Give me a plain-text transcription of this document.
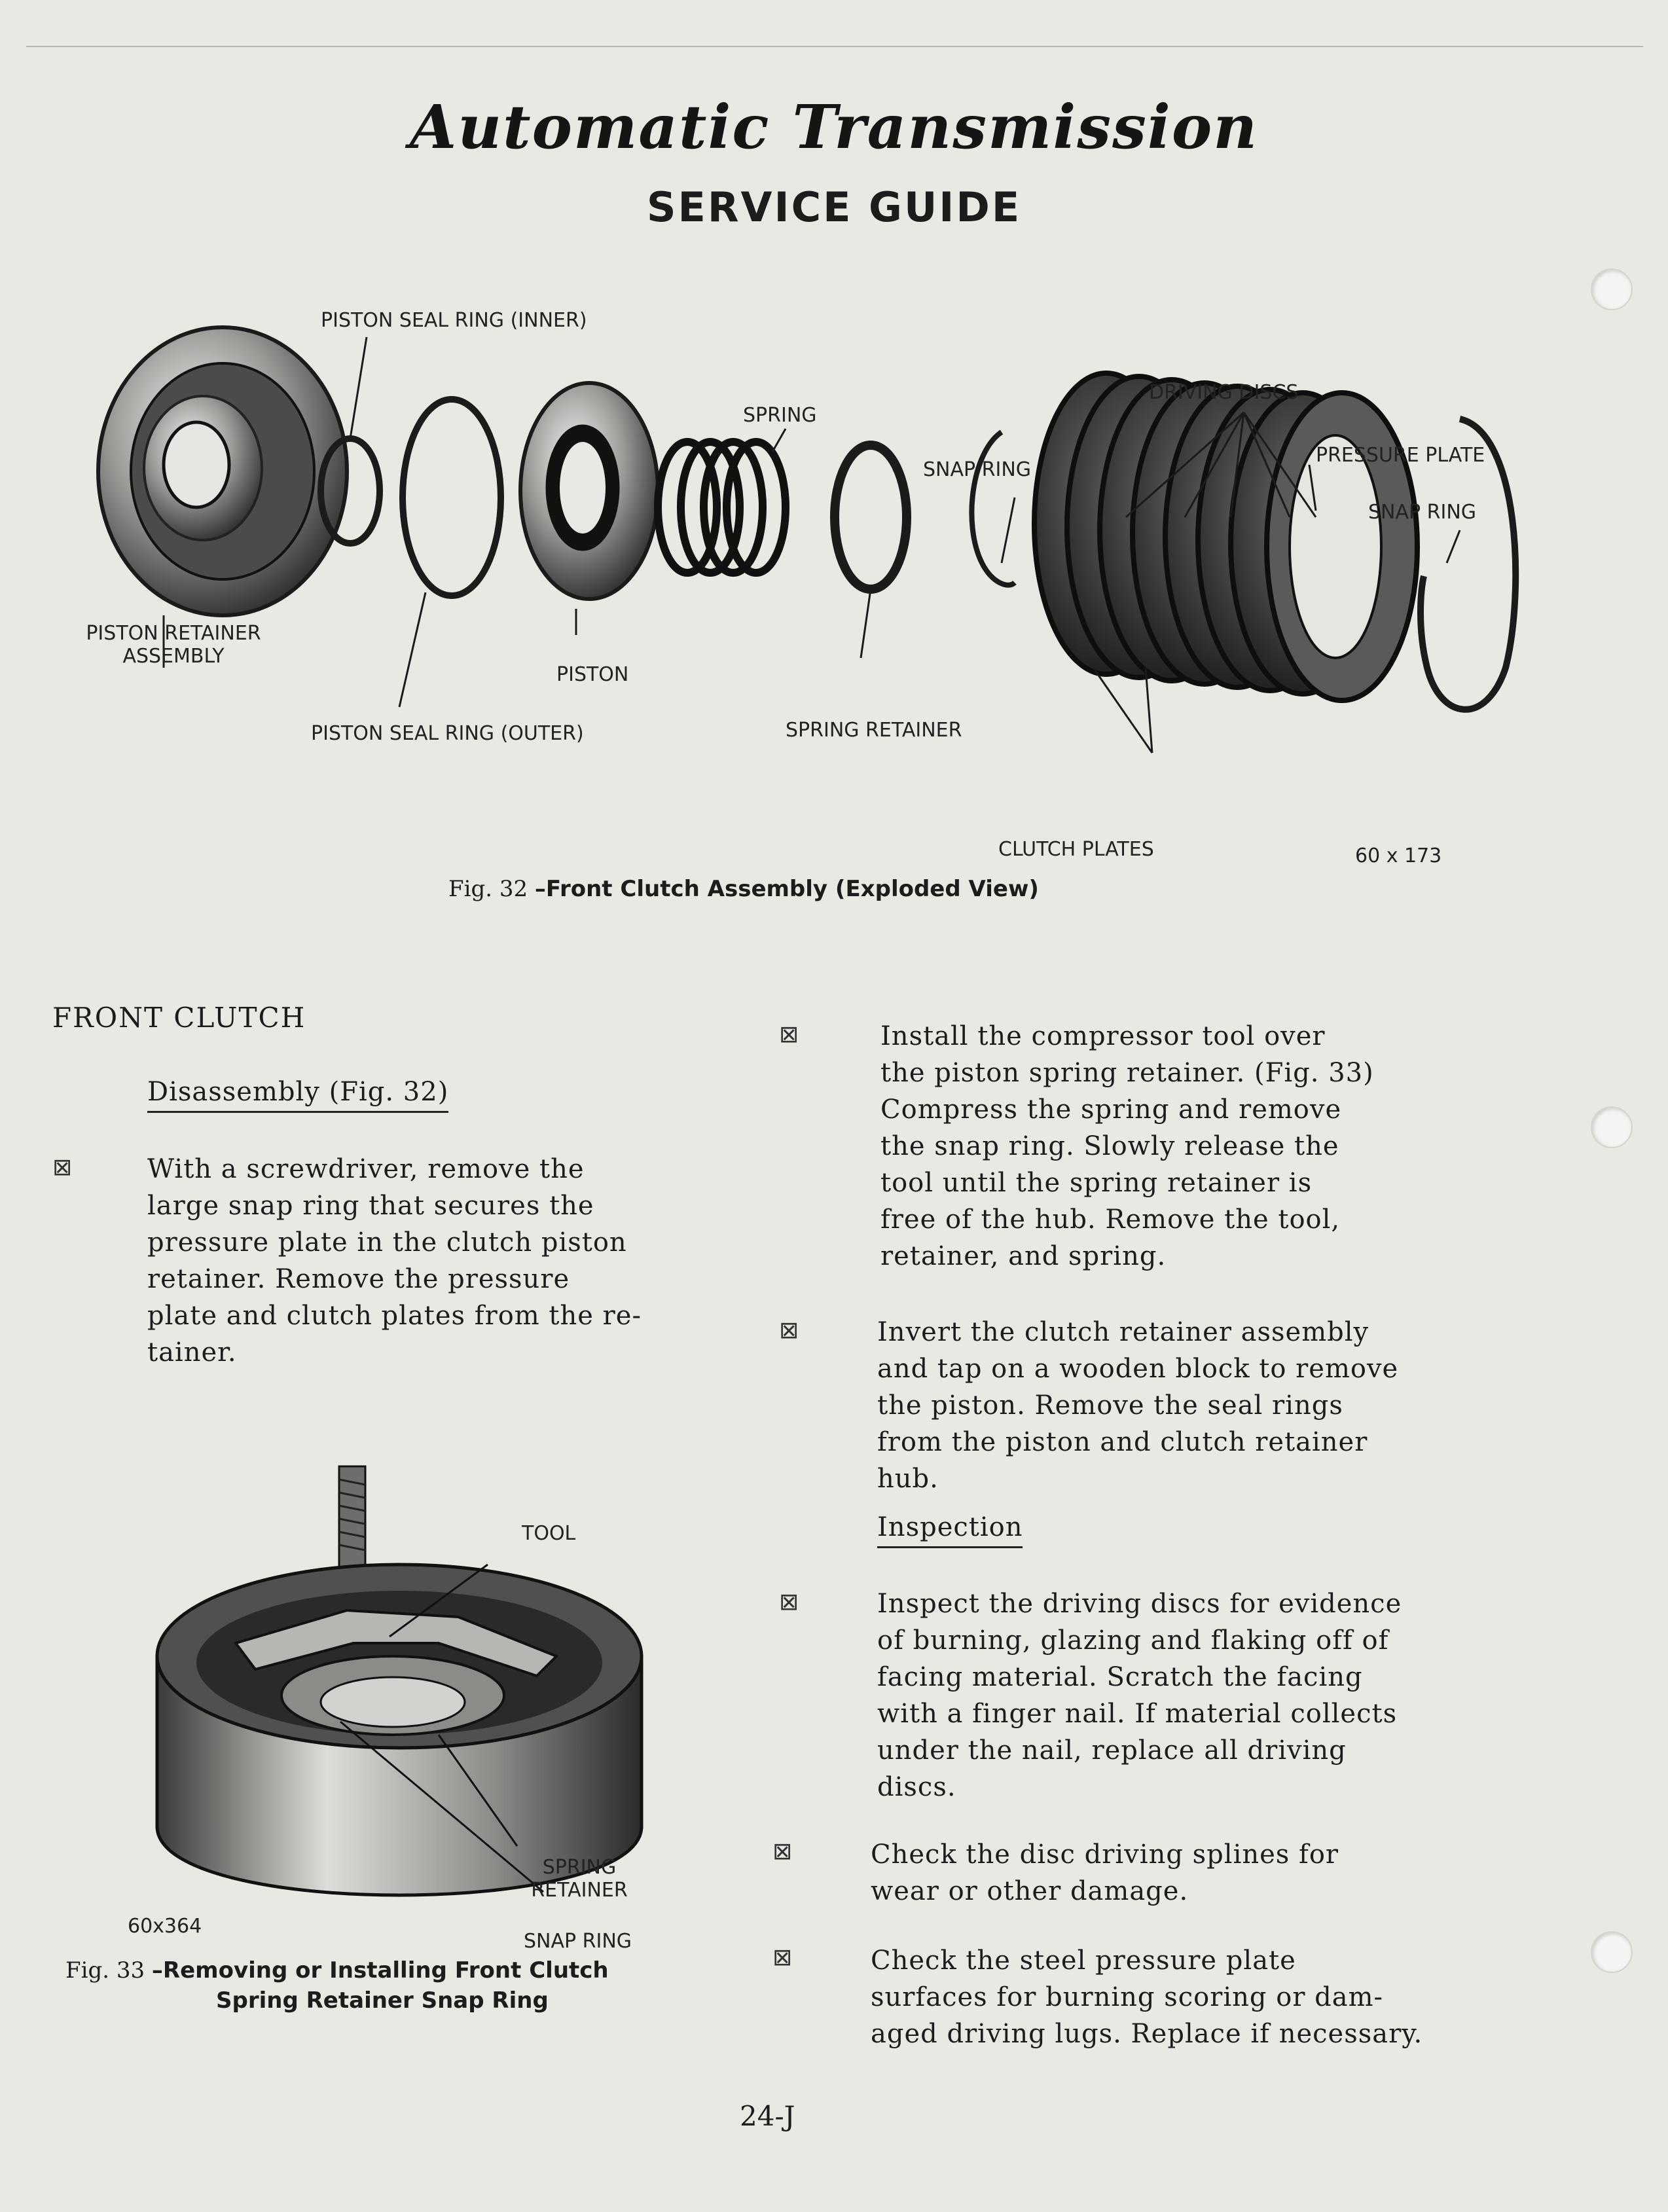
Automatic Transmission
SERVICE GUIDE
PISTON SEAL RING (INNER)
SPRING
DRIVING DISCS
PRESSURE PLATE
SNAP RING
SNAP RING
PISTON RETAINER
ASSEMBLY
PISTON
PISTON SEAL RING (OUTER)	SPRING RETAINER
CLUTCH PLATES	60 x 173
Fig. 32 –Front Clutch Assembly (Exploded View)
FRONT CLUTCH
Disassembly (Fig. 32)
⊠	With a screwdriver, remove the
large snap ring that secures the
pressure plate in the clutch piston
retainer. Remove the pressure
plate and clutch plates from the re-
tainer.
TOOL
SPRING
RETAINER
SNAP RING
60x364
Fig. 33 –Removing or Installing Front Clutch
Spring Retainer Snap Ring
⊠	Install the compressor tool over
the piston spring retainer. (Fig. 33)
Compress the spring and remove
the snap ring. Slowly release the
tool until the spring retainer is
free of the hub. Remove the tool,
retainer, and spring.
⊠	Invert the clutch retainer assembly
and tap on a wooden block to remove
the piston. Remove the seal rings
from the piston and clutch retainer
hub.
Inspection
⊠	Inspect the driving discs for evidence
of burning, glazing and flaking off of
facing material. Scratch the facing
with a finger nail. If material collects
under the nail, replace all driving
discs.
⊠	Check the disc driving splines for
wear or other damage.
⊠	Check the steel pressure plate
surfaces for burning scoring or dam-
aged driving lugs. Replace if necessary.
24-J
